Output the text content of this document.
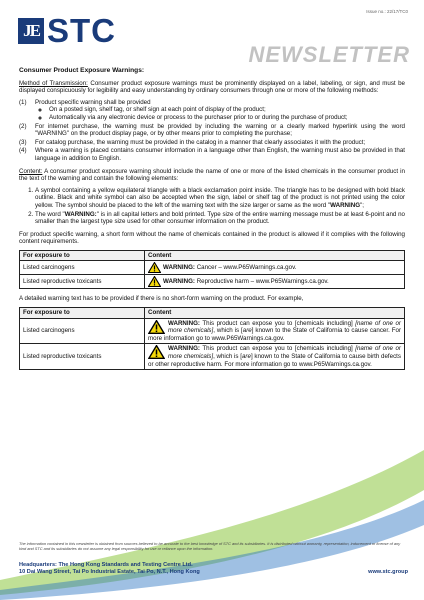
Issue no.: 22/17/TC0
JE STC
NEWSLETTER
Consumer Product Exposure Warnings:

Method of Transmission: Consumer product exposure warnings must be prominently displayed on a label, labeling, or sign, and must be displayed conspicuously for legibility and easy understanding by ordinary consumers through one or more of the following methods:

(1)	Product specific warning shall be provided
◦ On a posted sign, shelf tag, or shelf sign at each point of display of the product;
◦ Automatically via any electronic device or process to the purchaser prior to or during the purchase of product;
(2)	For internet purchase, the warning must be provided by including the warning or a clearly marked hyperlink using the word "WARNING" on the product display page, or by other means prior to completing the purchase;
(3)	For catalog purchase, the warning must be provided in the catalog in a manner that clearly associates it with the product;
(4)	Where a warning is placed contains consumer information in a language other than English, the warning must also be provided in that language in addition to English.

Content: A consumer product exposure warning should include the name of one or more of the listed chemicals in the consumer product in the text of the warning and contain the following elements:

1. A symbol containing a yellow equilateral triangle with a black exclamation point inside. The triangle has to be designed with bold black outline. Black and white symbol can also be accepted when the sign, label or shelf tag of the product is not printed using the color yellow. The symbol should be placed to the left of the warning text with the size larger or same as the word "WARNING";
2. The word "WARNING:" is in all capital letters and bold printed. Type size of the entire warning message must be at least 6-point and no smaller than the largest type size used for other consumer information on the product.

For product specific warning, a short form without the name of chemicals contained in the product is allowed if it complies with the following content requirements.

For exposure to	Content
Listed carcinogens	WARNING: Cancer – www.P65Warnings.ca.gov.
Listed reproductive toxicants	WARNING: Reproductive harm – www.P65Warnings.ca.gov.

A detailed warning text has to be provided if there is no short-form warning on the product. For example,

For exposure to	Content
Listed carcinogens	WARNING: This product can expose you to [chemicals including] [name of one or more chemicals], which is [are] known to the State of California to cause cancer. For more information go to www.P65Warnings.ca.gov.
Listed reproductive toxicants	WARNING: This product can expose you to [chemicals including] [name of one or more chemicals], which is [are] known to the State of California to cause birth defects or other reproductive harm. For more information go to www.P65Warnings.ca.gov.
The information contained in this newsletter is obtained from sources believed to be accurate to the best knowledge of STC and its subsidiaries. It is distributed without warranty, representation, inducement or license of any kind and STC and its subsidiaries do not assume any legal responsibility for use or reliance upon the information.
Headquarters: The Hong Kong Standards and Testing Centre Ltd.
10 Dai Wang Street, Tai Po Industrial Estate, Tai Po, N.T., Hong Kong	www.stc.group
